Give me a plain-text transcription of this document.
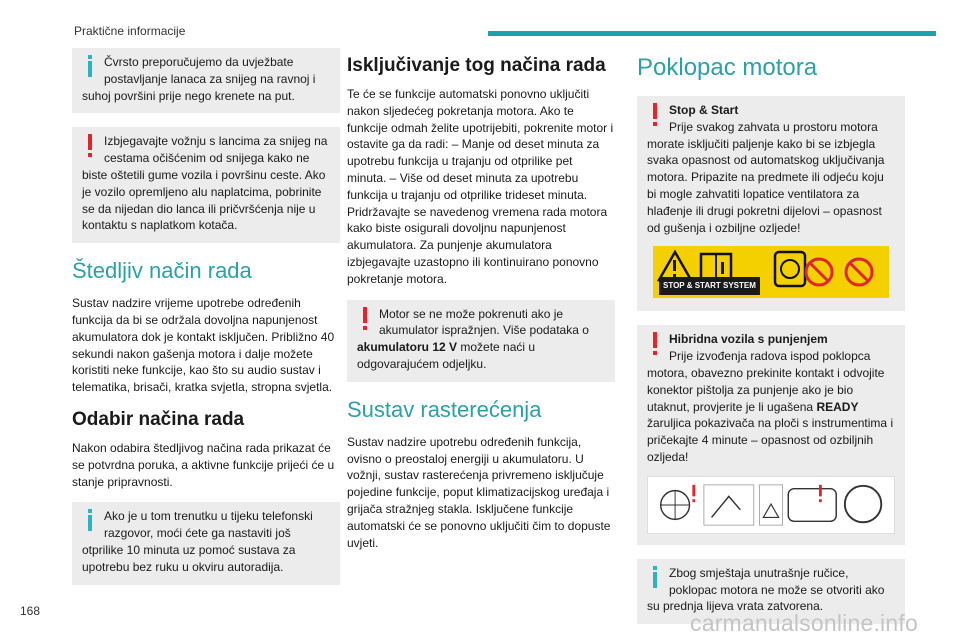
Praktične informacije
Čvrsto preporučujemo da uvježbate postavljanje lanaca za snijeg na ravnoj i suhoj površini prije nego krenete na put.
Izbjegavajte vožnju s lancima za snijeg na cestama očišćenim od snijega kako ne biste oštetili gume vozila i površinu ceste. Ako je vozilo opremljeno alu naplatcima, pobrinite se da nijedan dio lanca ili pričvršćenja nije u kontaktu s naplatkom kotača.
Štedljiv način rada
Sustav nadzire vrijeme upotrebe određenih funkcija da bi se održala dovoljna napunjenost akumulatora dok je kontakt isključen. Približno 40 sekundi nakon gašenja motora i dalje možete koristiti neke funkcije, kao što su audio sustav i telematika, brisači, kratka svjetla, stropna svjetla.
Odabir načina rada
Nakon odabira štedljivog načina rada prikazat će se potvrdna poruka, a aktivne funkcije prijeći će u stanje pripravnosti.
Ako je u tom trenutku u tijeku telefonski razgovor, moći ćete ga nastaviti još otprilike 10 minuta uz pomoć sustava za upotrebu bez ruku u okviru autoradija.
Isključivanje tog načina rada
Te će se funkcije automatski ponovno uključiti nakon sljedećeg pokretanja motora. Ako te funkcije odmah želite upotrijebiti, pokrenite motor i ostavite ga da radi: – Manje od deset minuta za upotrebu funkcija u trajanju od otprilike pet minuta. – Više od deset minuta za upotrebu funkcija u trajanju od otprilike trideset minuta. Pridržavajte se navedenog vremena rada motora kako biste osigurali dovoljnu napunjenost akumulatora. Za punjenje akumulatora izbjegavajte uzastopno ili kontinuirano ponovno pokretanje motora.
Motor se ne može pokrenuti ako je akumulator ispražnjen. Više podataka o akumulatoru 12 V možete naći u odgovarajućem odjeljku.
Sustav rasterećenja
Sustav nadzire upotrebu određenih funkcija, ovisno o preostaloj energiji u akumulatoru. U vožnji, sustav rasterećenja privremeno isključuje pojedine funkcije, poput klimatizacijskog uređaja i grijača stražnjeg stakla. Isključene funkcije automatski će se ponovno uključiti čim to dopuste uvjeti.
Poklopac motora
Stop & Start
Prije svakog zahvata u prostoru motora morate isključiti paljenje kako bi se izbjegla svaka opasnost od automatskog uključivanja motora. Pripazite na predmete ili odjeću koju bi mogle zahvatiti lopatice ventilatora za hlađenje ili drugi pokretni dijelovi – opasnost od gušenja i ozbiljne ozljede!
STOP & START SYSTEM
Hibridna vozila s punjenjem
Prije izvođenja radova ispod poklopca motora, obavezno prekinite kontakt i odvojite konektor pištolja za punjenje ako je bio utaknut, provjerite je li ugašena READY žaruljica pokazivača na ploči s instrumentima i pričekajte 4 minute – opasnost od ozbiljnih ozljeda!
Zbog smještaja unutrašnje ručice, poklopac motora ne može se otvoriti ako su prednja lijeva vrata zatvorena.
168	carmanualsonline.info
